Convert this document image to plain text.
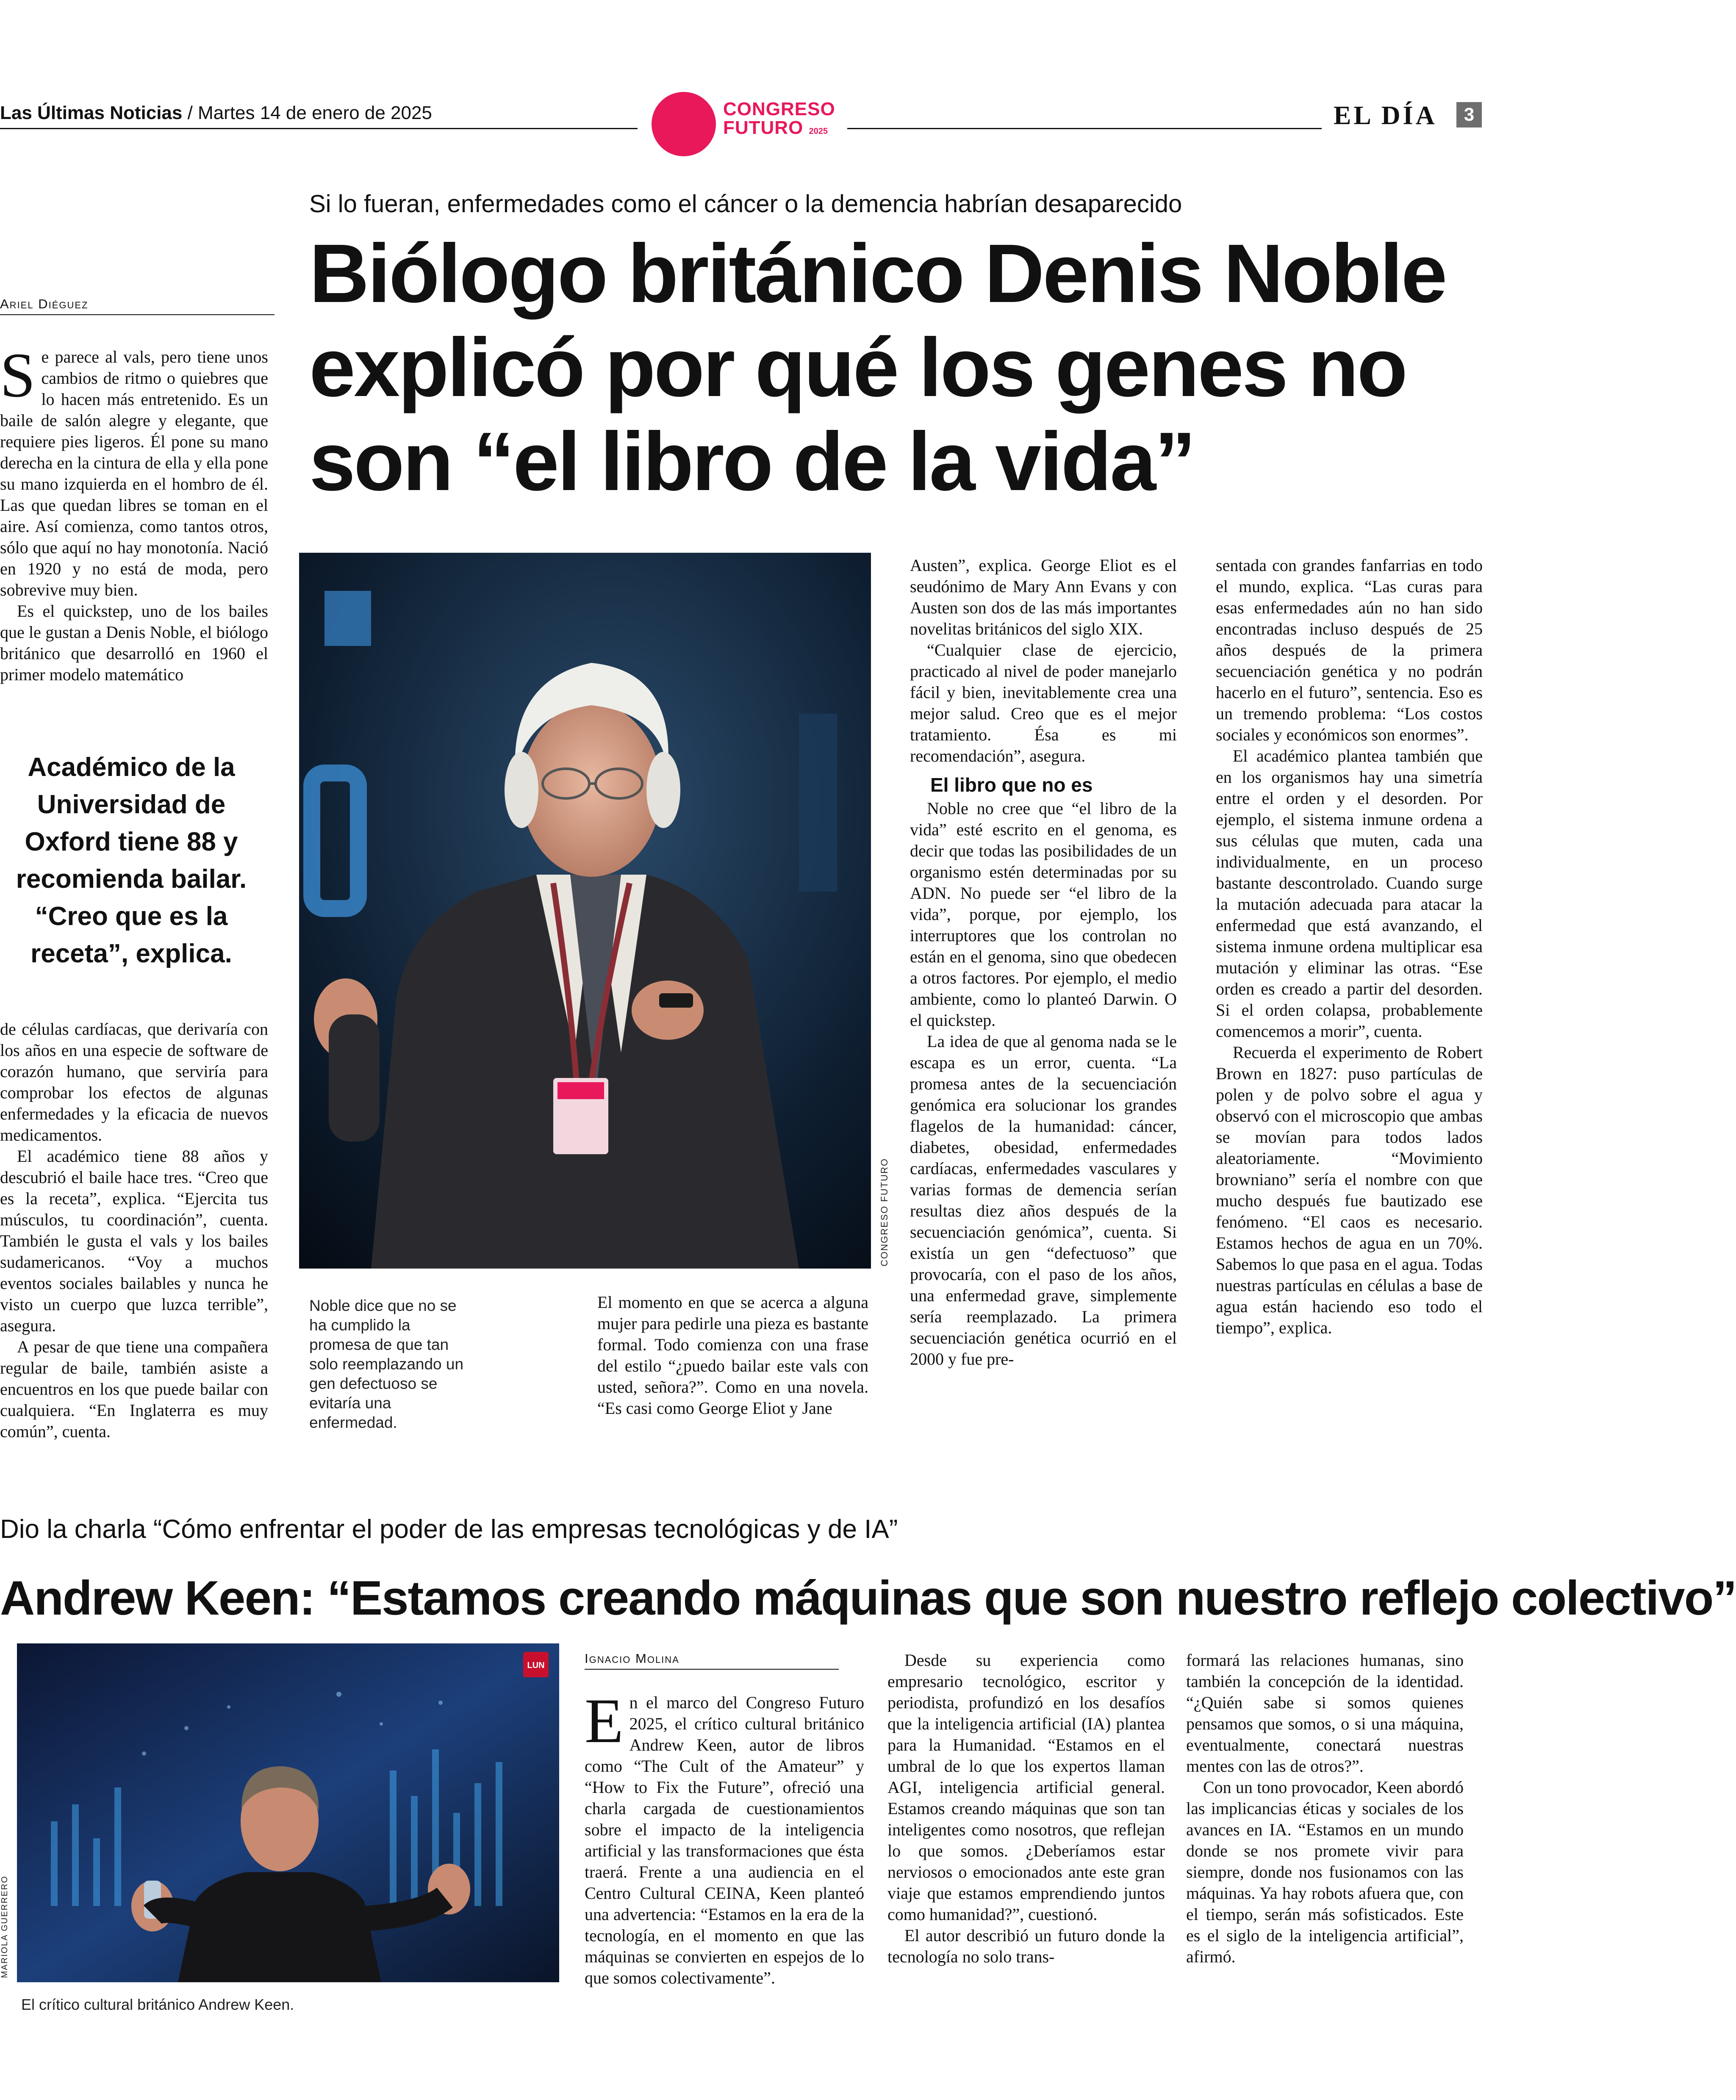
Las Últimas Noticias / Martes 14 de enero de 2025	CONGRESO
FUTURO 2025
EL DÍA	3
Si lo fueran, enfermedades como el cáncer o la demencia habrían desaparecido
Biólogo británico Denis Noble
explicó por qué los genes no
son “el libro de la vida”
Ariel Diéguez
S e parece al vals, pero tiene unos cambios de ritmo o quiebres que lo hacen más entretenido. Es un baile de salón alegre y elegante, que requiere pies ligeros. Él pone su mano derecha en la cintura de ella y ella pone su mano izquierda en el hombro de él. Las que quedan libres se toman en el aire. Así comienza, como tantos otros, sólo que aquí no hay monotonía. Nació en 1920 y no está de moda, pero sobrevive muy bien.

Es el quickstep, uno de los bailes que le gustan a Denis Noble, el biólogo británico que desarrolló en 1960 el primer modelo matemático

Académico de la Universidad de Oxford tiene 88 y recomienda bailar. “Creo que es la receta”, explica.

de células cardíacas, que derivaría con los años en una especie de software de corazón humano, que serviría para comprobar los efectos de algunas enfermedades y la eficacia de nuevos medicamentos.

El académico tiene 88 años y descubrió el baile hace tres. “Creo que es la receta”, explica. “Ejercita tus músculos, tu coordinación”, cuenta. También le gusta el vals y los bailes sudamericanos. “Voy a muchos eventos sociales bailables y nunca he visto un cuerpo que luzca terrible”, asegura.

A pesar de que tiene una compañera regular de baile, también asiste a encuentros en los que puede bailar con cualquiera. “En Inglaterra es muy común”, cuenta.

CONGRESO FUTURO
Noble dice que no se ha cumplido la promesa de que tan solo reemplazando un gen defectuoso se evitaría una enfermedad.

El momento en que se acerca a alguna mujer para pedirle una pieza es bastante formal. Todo comienza con una frase del estilo “¿puedo bailar este vals con usted, señora?”. Como en una novela. “Es casi como George Eliot y Jane

Austen”, explica. George Eliot es el seudónimo de Mary Ann Evans y con Austen son dos de las más importantes novelitas británicos del siglo XIX.

“Cualquier clase de ejercicio, practicado al nivel de poder manejarlo fácil y bien, inevitablemente crea una mejor salud. Creo que es el mejor tratamiento. Ésa es mi recomendación”, asegura.

El libro que no es

Noble no cree que “el libro de la vida” esté escrito en el genoma, es decir que todas las posibilidades de un organismo estén determinadas por su ADN. No puede ser “el libro de la vida”, porque, por ejemplo, los interruptores que los controlan no están en el genoma, sino que obedecen a otros factores. Por ejemplo, el medio ambiente, como lo planteó Darwin. O el quickstep.

La idea de que al genoma nada se le escapa es un error, cuenta. “La promesa antes de la secuenciación genómica era solucionar los grandes flagelos de la humanidad: cáncer, diabetes, obesidad, enfermedades cardíacas, enfermedades vasculares y varias formas de demencia serían resultas diez años después de la secuenciación genómica”, cuenta. Si existía un gen “defectuoso” que provocaría, con el paso de los años, una enfermedad grave, simplemente sería reemplazado. La primera secuenciación genética ocurrió en el 2000 y fue pre-

sentada con grandes fanfarrias en todo el mundo, explica. “Las curas para esas enfermedades aún no han sido encontradas incluso después de 25 años después de la primera secuenciación genética y no podrán hacerlo en el futuro”, sentencia. Eso es un tremendo problema: “Los costos sociales y económicos son enormes”.

El académico plantea también que en los organismos hay una simetría entre el orden y el desorden. Por ejemplo, el sistema inmune ordena a sus células que muten, cada una individualmente, en un proceso bastante descontrolado. Cuando surge la mutación adecuada para atacar la enfermedad que está avanzando, el sistema inmune ordena multiplicar esa mutación y eliminar las otras. “Ese orden es creado a partir del desorden. Si el orden colapsa, probablemente comencemos a morir”, cuenta.

Recuerda el experimento de Robert Brown en 1827: puso partículas de polen y de polvo sobre el agua y observó con el microscopio que ambas se movían para todos lados aleatoriamente. “Movimiento browniano” sería el nombre con que mucho después fue bautizado ese fenómeno. “El caos es necesario. Estamos hechos de agua en un 70%. Sabemos lo que pasa en el agua. Todas nuestras partículas en células a base de agua están haciendo eso todo el tiempo”, explica.

Dio la charla “Cómo enfrentar el poder de las empresas tecnológicas y de IA”
Andrew Keen: “Estamos creando máquinas que son nuestro reflejo colectivo”
LUN
MARIOLA GUERRERO
El crítico cultural británico Andrew Keen.
Ignacio Molina
E n el marco del Congreso Futuro 2025, el crítico cultural británico Andrew Keen, autor de libros como “The Cult of the Amateur” y “How to Fix the Future”, ofreció una charla cargada de cuestionamientos sobre el impacto de la inteligencia artificial y las transformaciones que ésta traerá. Frente a una audiencia en el Centro Cultural CEINA, Keen planteó una advertencia: “Estamos en la era de la tecnología, en el momento en que las máquinas se convierten en espejos de lo que somos colectivamente”.

Desde su experiencia como empresario tecnológico, escritor y periodista, profundizó en los desafíos que la inteligencia artificial (IA) plantea para la Humanidad. “Estamos en el umbral de lo que los expertos llaman AGI, inteligencia artificial general. Estamos creando máquinas que son tan inteligentes como nosotros, que reflejan lo que somos. ¿Deberíamos estar nerviosos o emocionados ante este gran viaje que estamos emprendiendo juntos como humanidad?”, cuestionó.

El autor describió un futuro donde la tecnología no solo trans-

formará las relaciones humanas, sino también la concepción de la identidad. “¿Quién sabe si somos quienes pensamos que somos, o si una máquina, eventualmente, conectará nuestras mentes con las de otros?”.

Con un tono provocador, Keen abordó las implicancias éticas y sociales de los avances en IA. “Estamos en un mundo donde se nos promete vivir para siempre, donde nos fusionamos con las máquinas. Ya hay robots afuera que, con el tiempo, serán más sofisticados. Este es el siglo de la inteligencia artificial”, afirmó.
